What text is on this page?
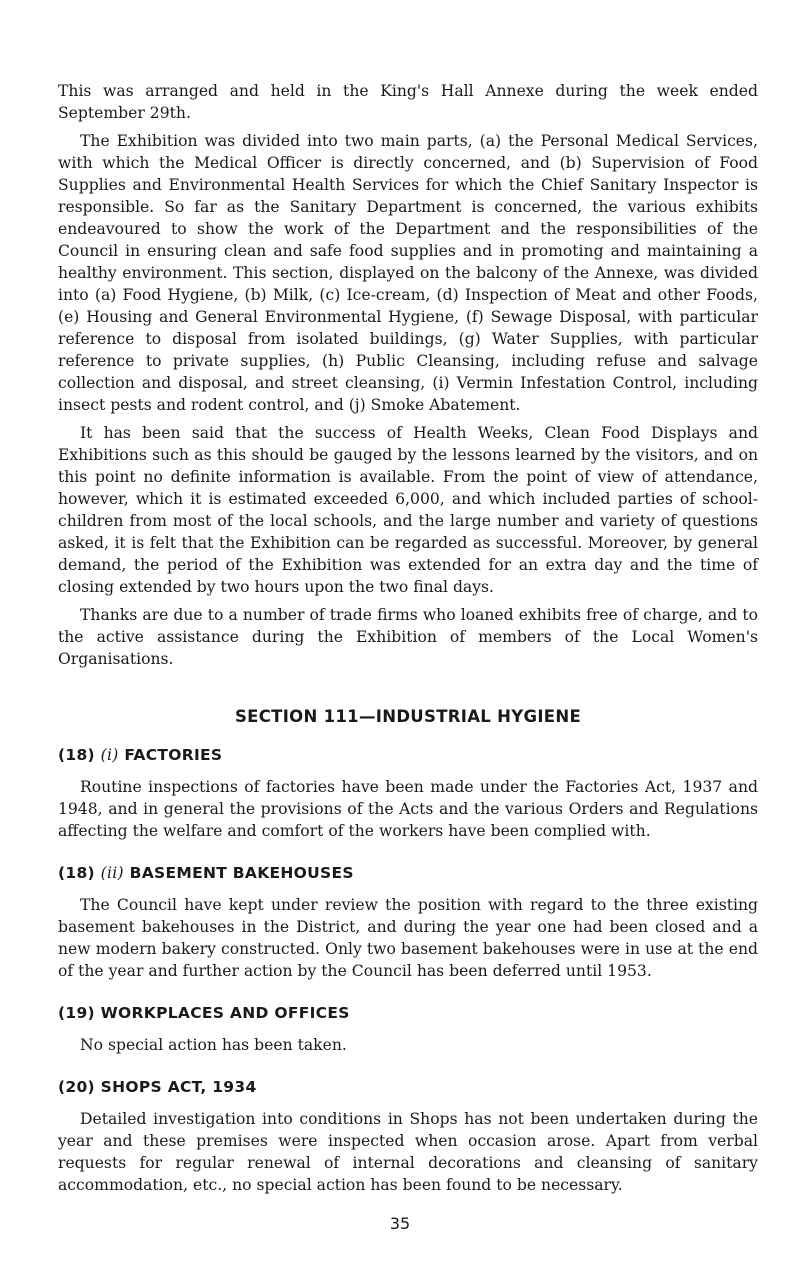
This was arranged and held in the King's Hall Annexe during the week ended September 29th.

The Exhibition was divided into two main parts, (a) the Personal Medical Services, with which the Medical Officer is directly concerned, and (b) Supervision of Food Supplies and Environmental Health Services for which the Chief Sanitary Inspector is responsible. So far as the Sanitary Department is concerned, the various exhibits endeavoured to show the work of the Department and the responsibilities of the Council in ensuring clean and safe food supplies and in promoting and maintaining a healthy environment. This section, displayed on the balcony of the Annexe, was divided into (a) Food Hygiene, (b) Milk, (c) Ice-cream, (d) Inspection of Meat and other Foods, (e) Housing and General Environmental Hygiene, (f) Sewage Disposal, with particular reference to disposal from isolated buildings, (g) Water Supplies, with particular reference to private supplies, (h) Public Cleansing, including refuse and salvage collection and disposal, and street cleansing, (i) Vermin Infestation Control, including insect pests and rodent control, and (j) Smoke Abatement.

It has been said that the success of Health Weeks, Clean Food Displays and Exhibitions such as this should be gauged by the lessons learned by the visitors, and on this point no definite information is available. From the point of view of attendance, however, which it is estimated exceeded 6,000, and which included parties of school-children from most of the local schools, and the large number and variety of questions asked, it is felt that the Exhibition can be regarded as successful. Moreover, by general demand, the period of the Exhibition was extended for an extra day and the time of closing extended by two hours upon the two final days.

Thanks are due to a number of trade firms who loaned exhibits free of charge, and to the active assistance during the Exhibition of members of the Local Women's Organisations.

SECTION 111—INDUSTRIAL HYGIENE
(18) (i) FACTORIES

Routine inspections of factories have been made under the Factories Act, 1937 and 1948, and in general the provisions of the Acts and the various Orders and Regulations affecting the welfare and comfort of the workers have been complied with.

(18) (ii) BASEMENT BAKEHOUSES

The Council have kept under review the position with regard to the three existing basement bakehouses in the District, and during the year one had been closed and a new modern bakery constructed. Only two basement bakehouses were in use at the end of the year and further action by the Council has been deferred until 1953.

(19) WORKPLACES AND OFFICES

No special action has been taken.

(20) SHOPS ACT, 1934

Detailed investigation into conditions in Shops has not been undertaken during the year and these premises were inspected when occasion arose. Apart from verbal requests for regular renewal of internal decorations and cleansing of sanitary accommodation, etc., no special action has been found to be necessary.

35
